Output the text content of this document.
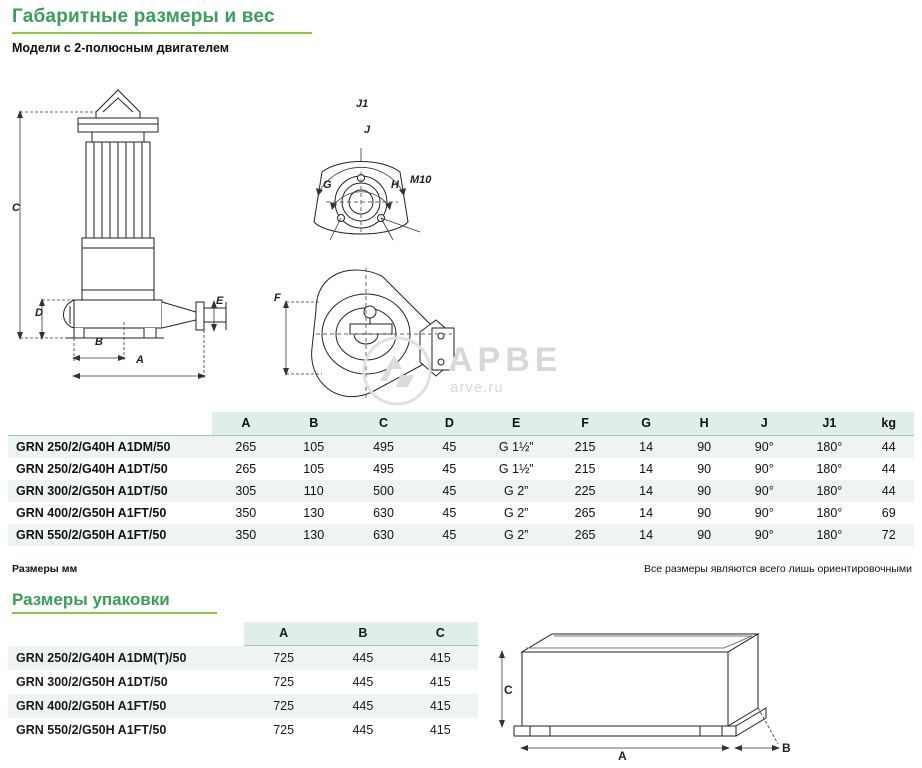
Габаритные размеры и вес
Модели с 2-полюсным двигателем
C
D
E
B
A
J1
J
M10
G	H
F
АРВЕ
arve.ru
	A	B	C	D	E	F	G	H	J	J1	kg
GRN 250/2/G40H A1DM/50	265	105	495	45	G 1½”	215	14	90	90°	180°	44
GRN 250/2/G40H A1DT/50	265	105	495	45	G 1½”	215	14	90	90°	180°	44
GRN 300/2/G50H A1DT/50	305	110	500	45	G 2”	225	14	90	90°	180°	44
GRN 400/2/G50H A1FT/50	350	130	630	45	G 2”	265	14	90	90°	180°	69
GRN 550/2/G50H A1FT/50	350	130	630	45	G 2”	265	14	90	90°	180°	72
Размеры мм	Все размеры являются всего лишь ориентировочными
Размеры упаковки
	A	B	C
GRN 250/2/G40H A1DM(T)/50	725	445	415
GRN 300/2/G50H A1DT/50	725	445	415
GRN 400/2/G50H A1FT/50	725	445	415
GRN 550/2/G50H A1FT/50	725	445	415
C
A
B
